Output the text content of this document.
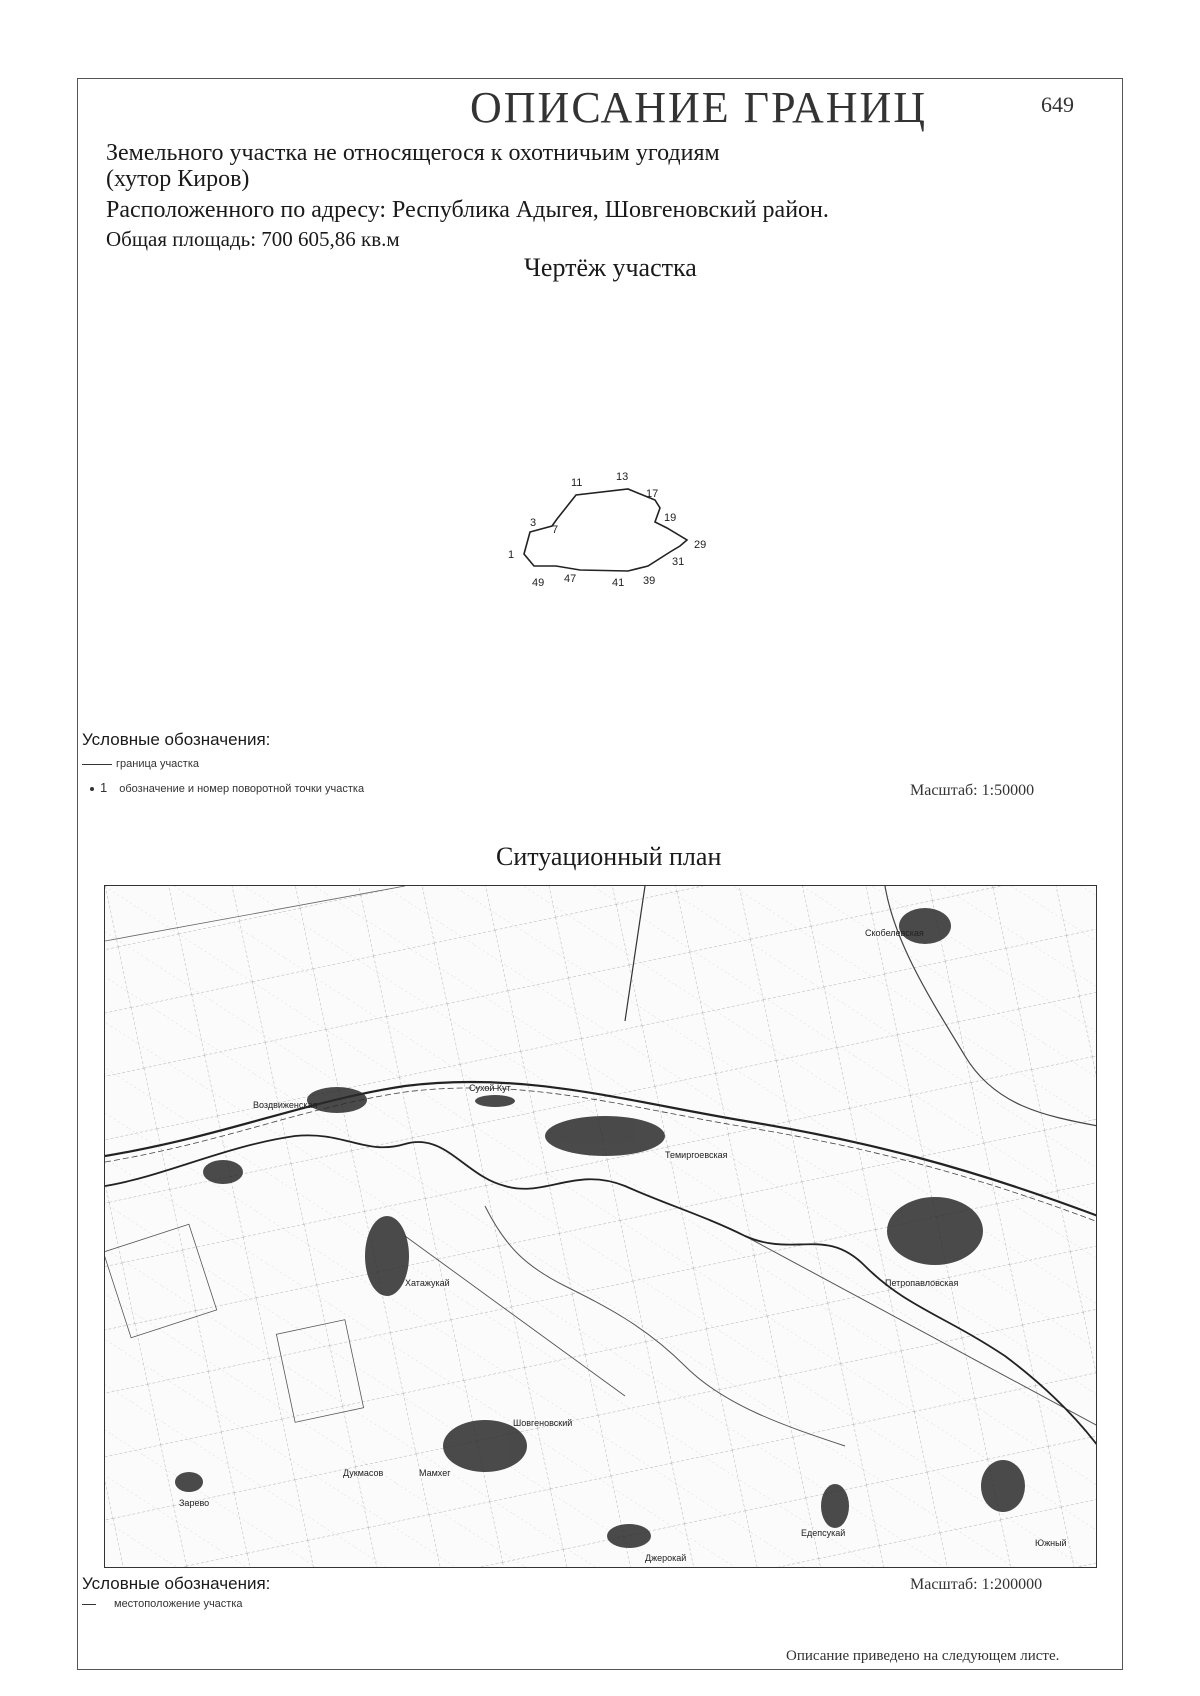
ОПИСАНИЕ ГРАНИЦ	649
Земельного участка не относящегося к охотничьим угодиям
(хутор Киров)
Расположенного по адресу: Республика Адыгея, Шовгеновский район.
Общая площадь: 700 605,86 кв.м
Чертёж участка
1
3
7
11	13
17
19
29
31
39
41
47
49
Условные обозначения:
граница участка
1 обозначение и номер поворотной точки участка	Масштаб: 1:50000
Ситуационный план
Скобелевская
Воздвиженская
Сухой Кут
Темиргоевская
Петропавловская
Хатажукай
Шовгеновский
Мамхег
Зарево
Дукмасов
Джерокай
Едепсукай
Южный
Условные обозначения:
местоположение участка
Масштаб: 1:200000
Описание приведено на следующем листе.
